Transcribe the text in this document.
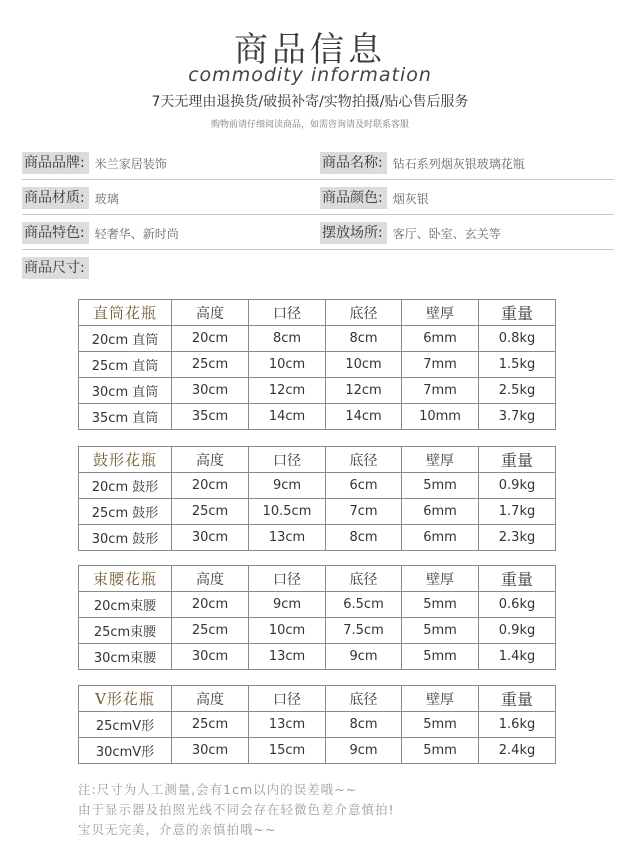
商品信息
commodity information
7天无理由退换货/破损补寄/实物拍摄/贴心售后服务
购物前请仔细阅读商品，如需咨询请及时联系客服
商品品牌: 米兰家居装饰	商品名称: 钻石系列烟灰银玻璃花瓶
商品材质: 玻璃	商品颜色: 烟灰银
商品特色: 轻奢华、新时尚	摆放场所: 客厅、卧室、玄关等
商品尺寸:
直筒花瓶	高度	口径	底径	壁厚	重量
20cm 直筒	20cm	8cm	8cm	6mm	0.8kg
25cm 直筒	25cm	10cm	10cm	7mm	1.5kg
30cm 直筒	30cm	12cm	12cm	7mm	2.5kg
35cm 直筒	35cm	14cm	14cm	10mm	3.7kg
鼓形花瓶	高度	口径	底径	壁厚	重量
20cm 鼓形	20cm	9cm	6cm	5mm	0.9kg
25cm 鼓形	25cm	10.5cm	7cm	6mm	1.7kg
30cm 鼓形	30cm	13cm	8cm	6mm	2.3kg
束腰花瓶	高度	口径	底径	壁厚	重量
20cm束腰	20cm	9cm	6.5cm	5mm	0.6kg
25cm束腰	25cm	10cm	7.5cm	5mm	0.9kg
30cm束腰	30cm	13cm	9cm	5mm	1.4kg
V形花瓶	高度	口径	底径	壁厚	重量
25cmV形	25cm	13cm	8cm	5mm	1.6kg
30cmV形	30cm	15cm	9cm	5mm	2.4kg
注:尺寸为人工测量,会有1cm以内的误差哦~~
由于显示器及拍照光线不同会存在轻微色差介意慎拍!
宝贝无完美，介意的亲慎拍哦~~
